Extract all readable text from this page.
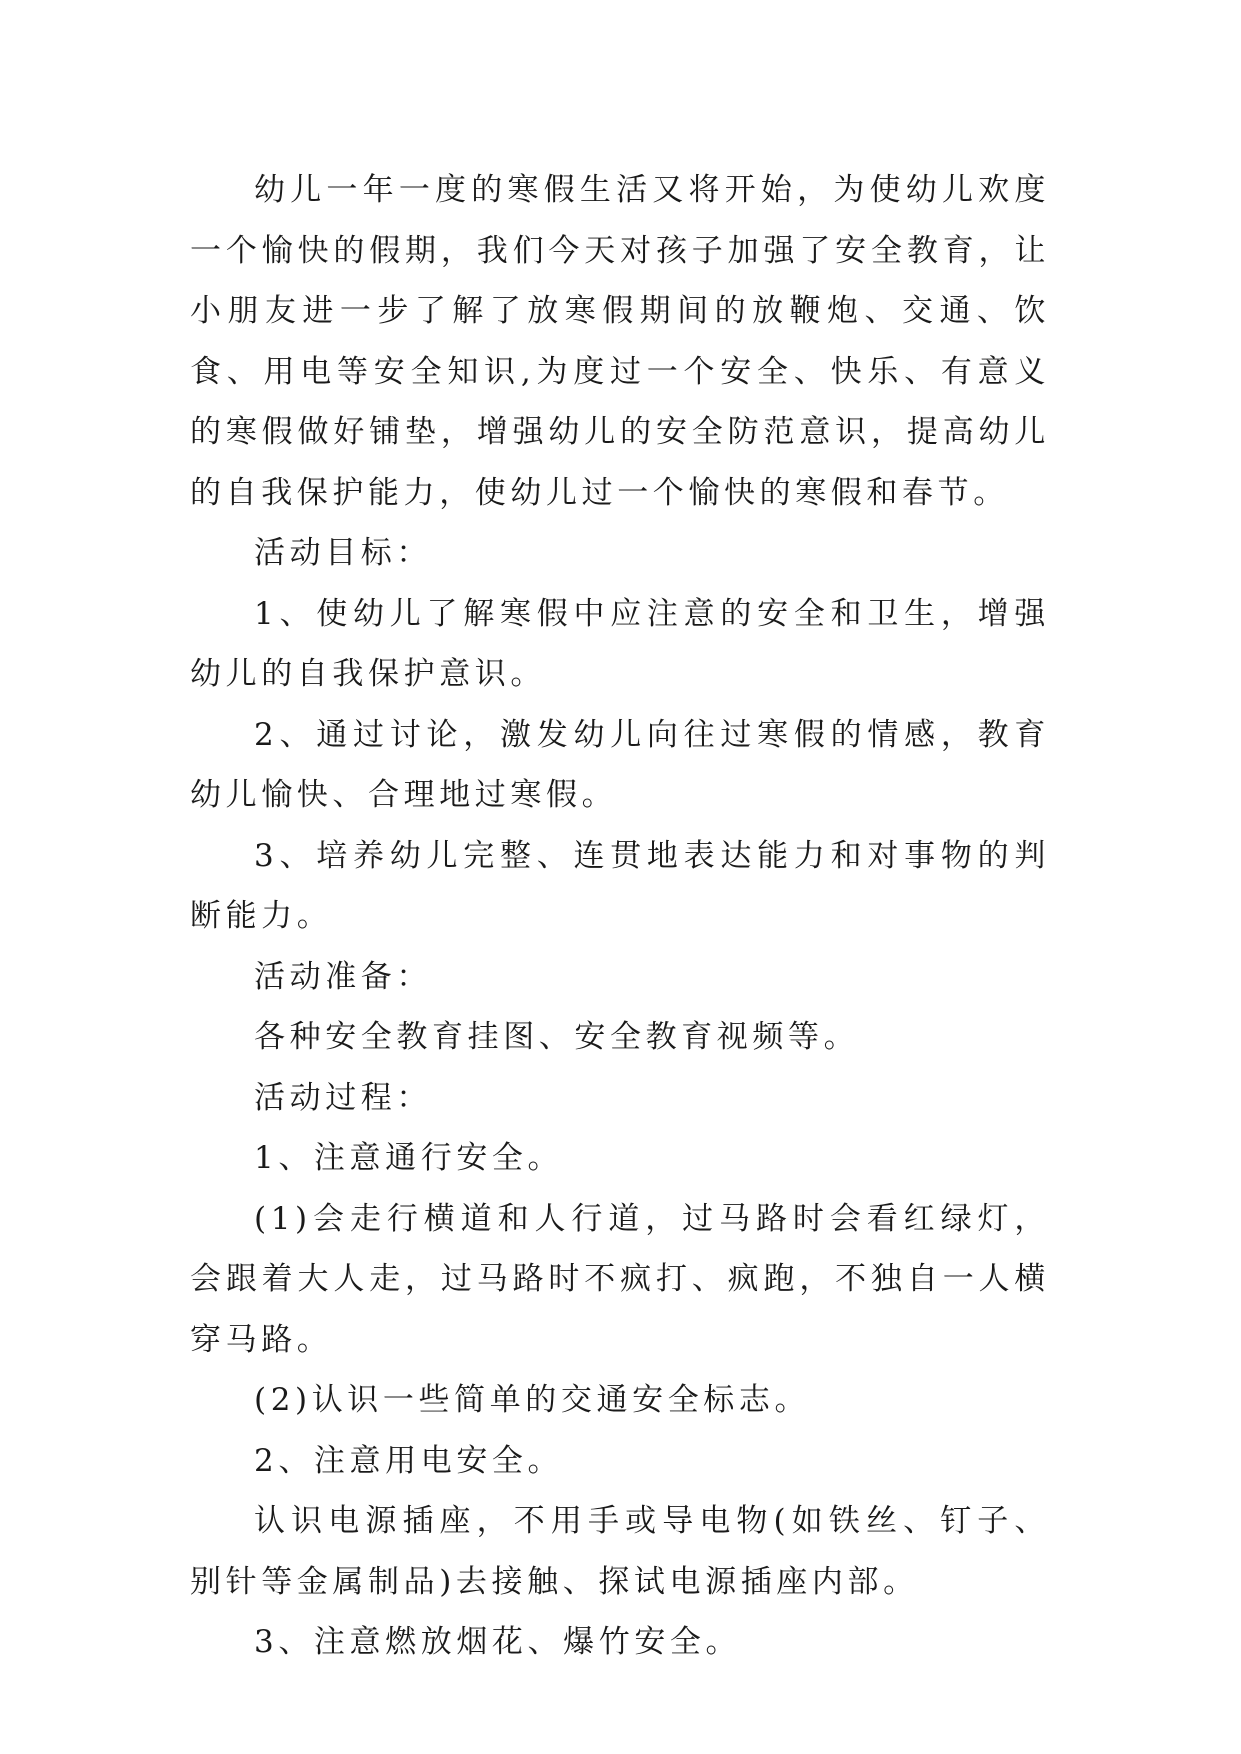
幼儿一年一度的寒假生活又将开始，为使幼儿欢度一个愉快的假期，我们今天对孩子加强了安全教育，让小朋友进一步了解了放寒假期间的放鞭炮、交通、饮食、用电等安全知识,为度过一个安全、快乐、有意义的寒假做好铺垫，增强幼儿的安全防范意识，提高幼儿的自我保护能力，使幼儿过一个愉快的寒假和春节。

活动目标：

1、使幼儿了解寒假中应注意的安全和卫生，增强幼儿的自我保护意识。

2、通过讨论，激发幼儿向往过寒假的情感，教育幼儿愉快、合理地过寒假。

3、培养幼儿完整、连贯地表达能力和对事物的判断能力。

活动准备：

各种安全教育挂图、安全教育视频等。

活动过程：

1、注意通行安全。

(1)会走行横道和人行道，过马路时会看红绿灯，会跟着大人走，过马路时不疯打、疯跑，不独自一人横穿马路。

(2)认识一些简单的交通安全标志。

2、注意用电安全。

认识电源插座，不用手或导电物(如铁丝、钉子、别针等金属制品)去接触、探试电源插座内部。

3、注意燃放烟花、爆竹安全。
